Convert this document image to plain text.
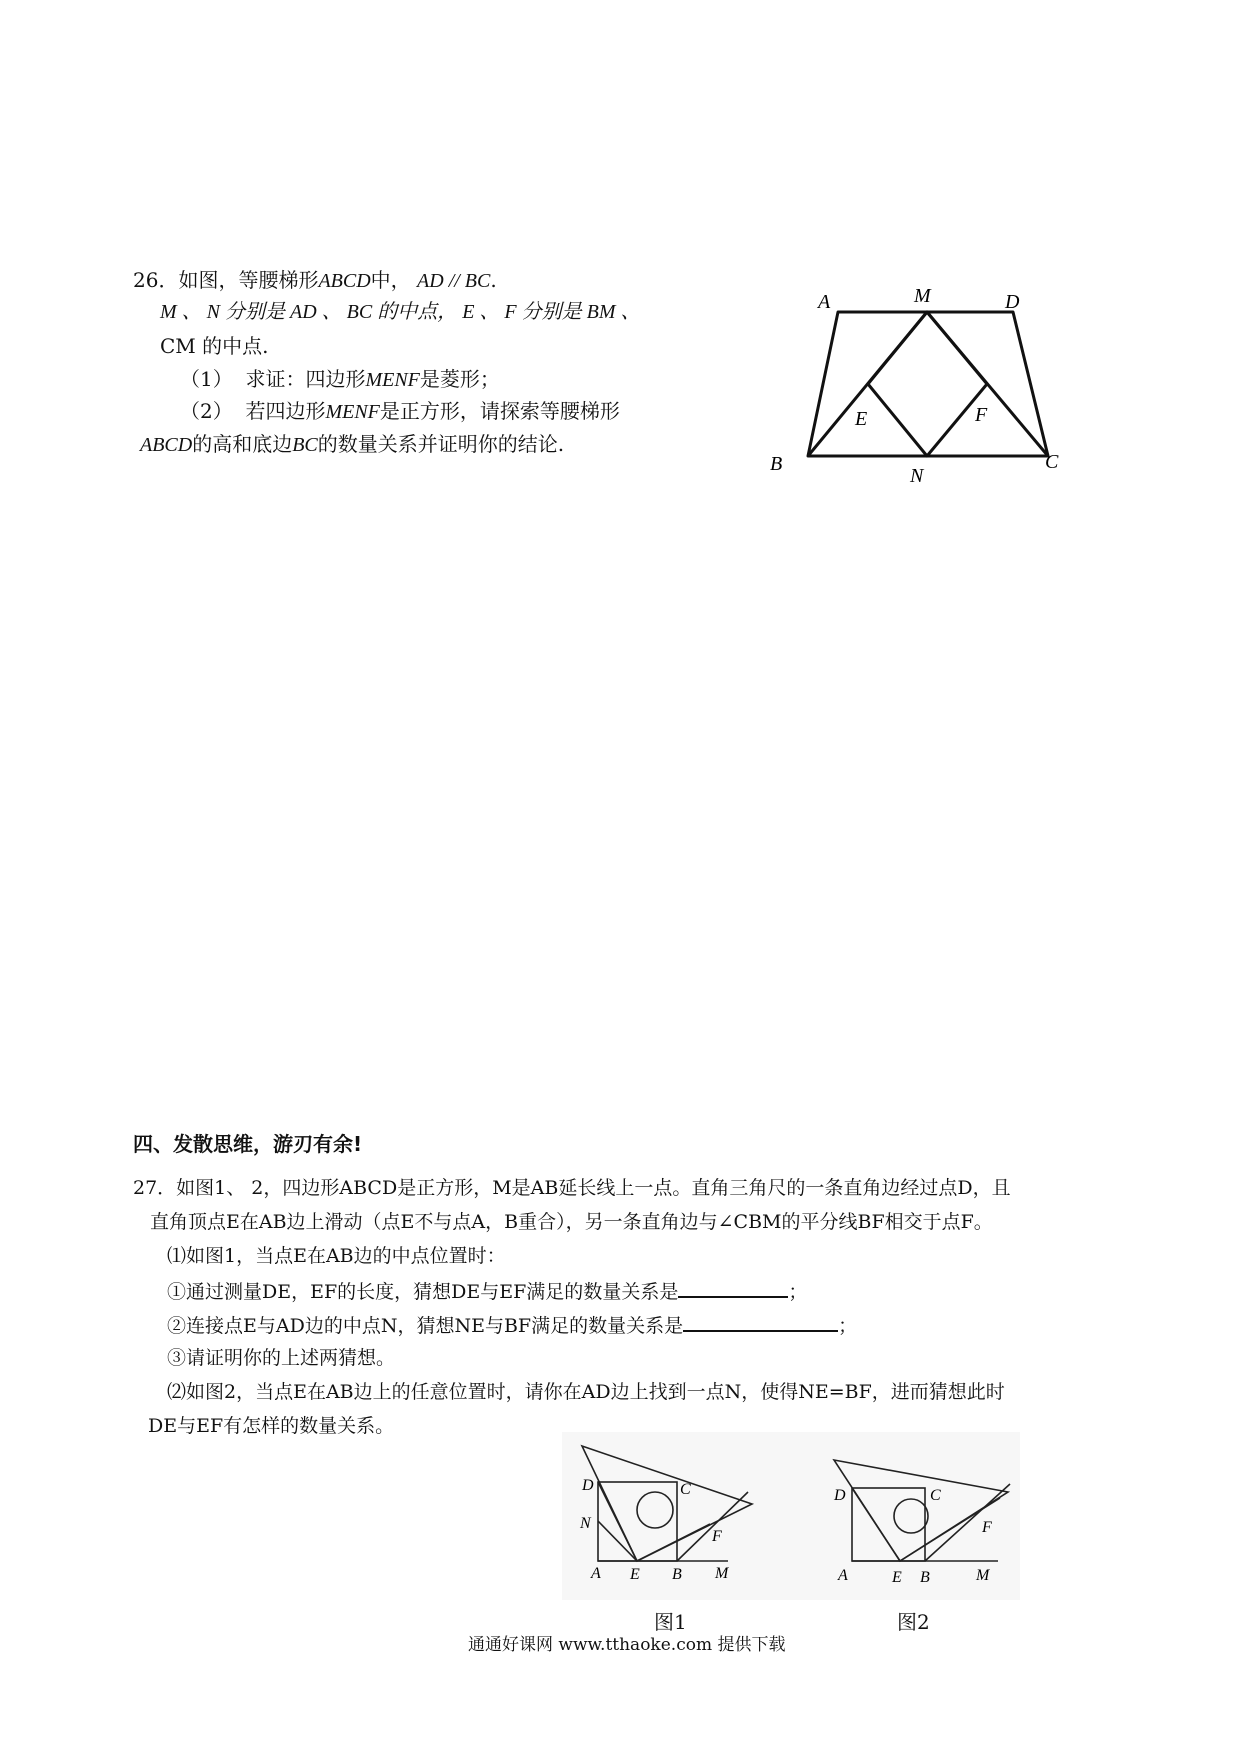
26．如图，等腰梯形ABCD中， AD // BC.
M 、 N 分别是 AD 、 BC 的中点， E 、 F 分别是 BM 、
CM 的中点.
（1） 求证：四边形MENF是菱形；
（2） 若四边形MENF是正方形，请探索等腰梯形
ABCD的高和底边BC的数量关系并证明你的结论.
A	M	D
B
N
C
E	F
四、发散思维，游刃有余!
27．如图1、 2，四边形ABCD是正方形，M是AB延长线上一点。直角三角尺的一条直角边经过点D，且
直角顶点E在AB边上滑动（点E不与点A，B重合），另一条直角边与∠CBM的平分线BF相交于点F。
⑴如图1，当点E在AB边的中点位置时：
①通过测量DE，EF的长度，猜想DE与EF满足的数量关系是	；
②连接点E与AD边的中点N，猜想NE与BF满足的数量关系是	；
③请证明你的上述两猜想。
⑵如图2，当点E在AB边上的任意位置时，请你在AD边上找到一点N，使得NE=BF，进而猜想此时
DE与EF有怎样的数量关系。
D	C
N
F
A E B M
D	C
F
A	E B	M
图1	图2
通通好课网 www.tthaoke.com 提供下载
